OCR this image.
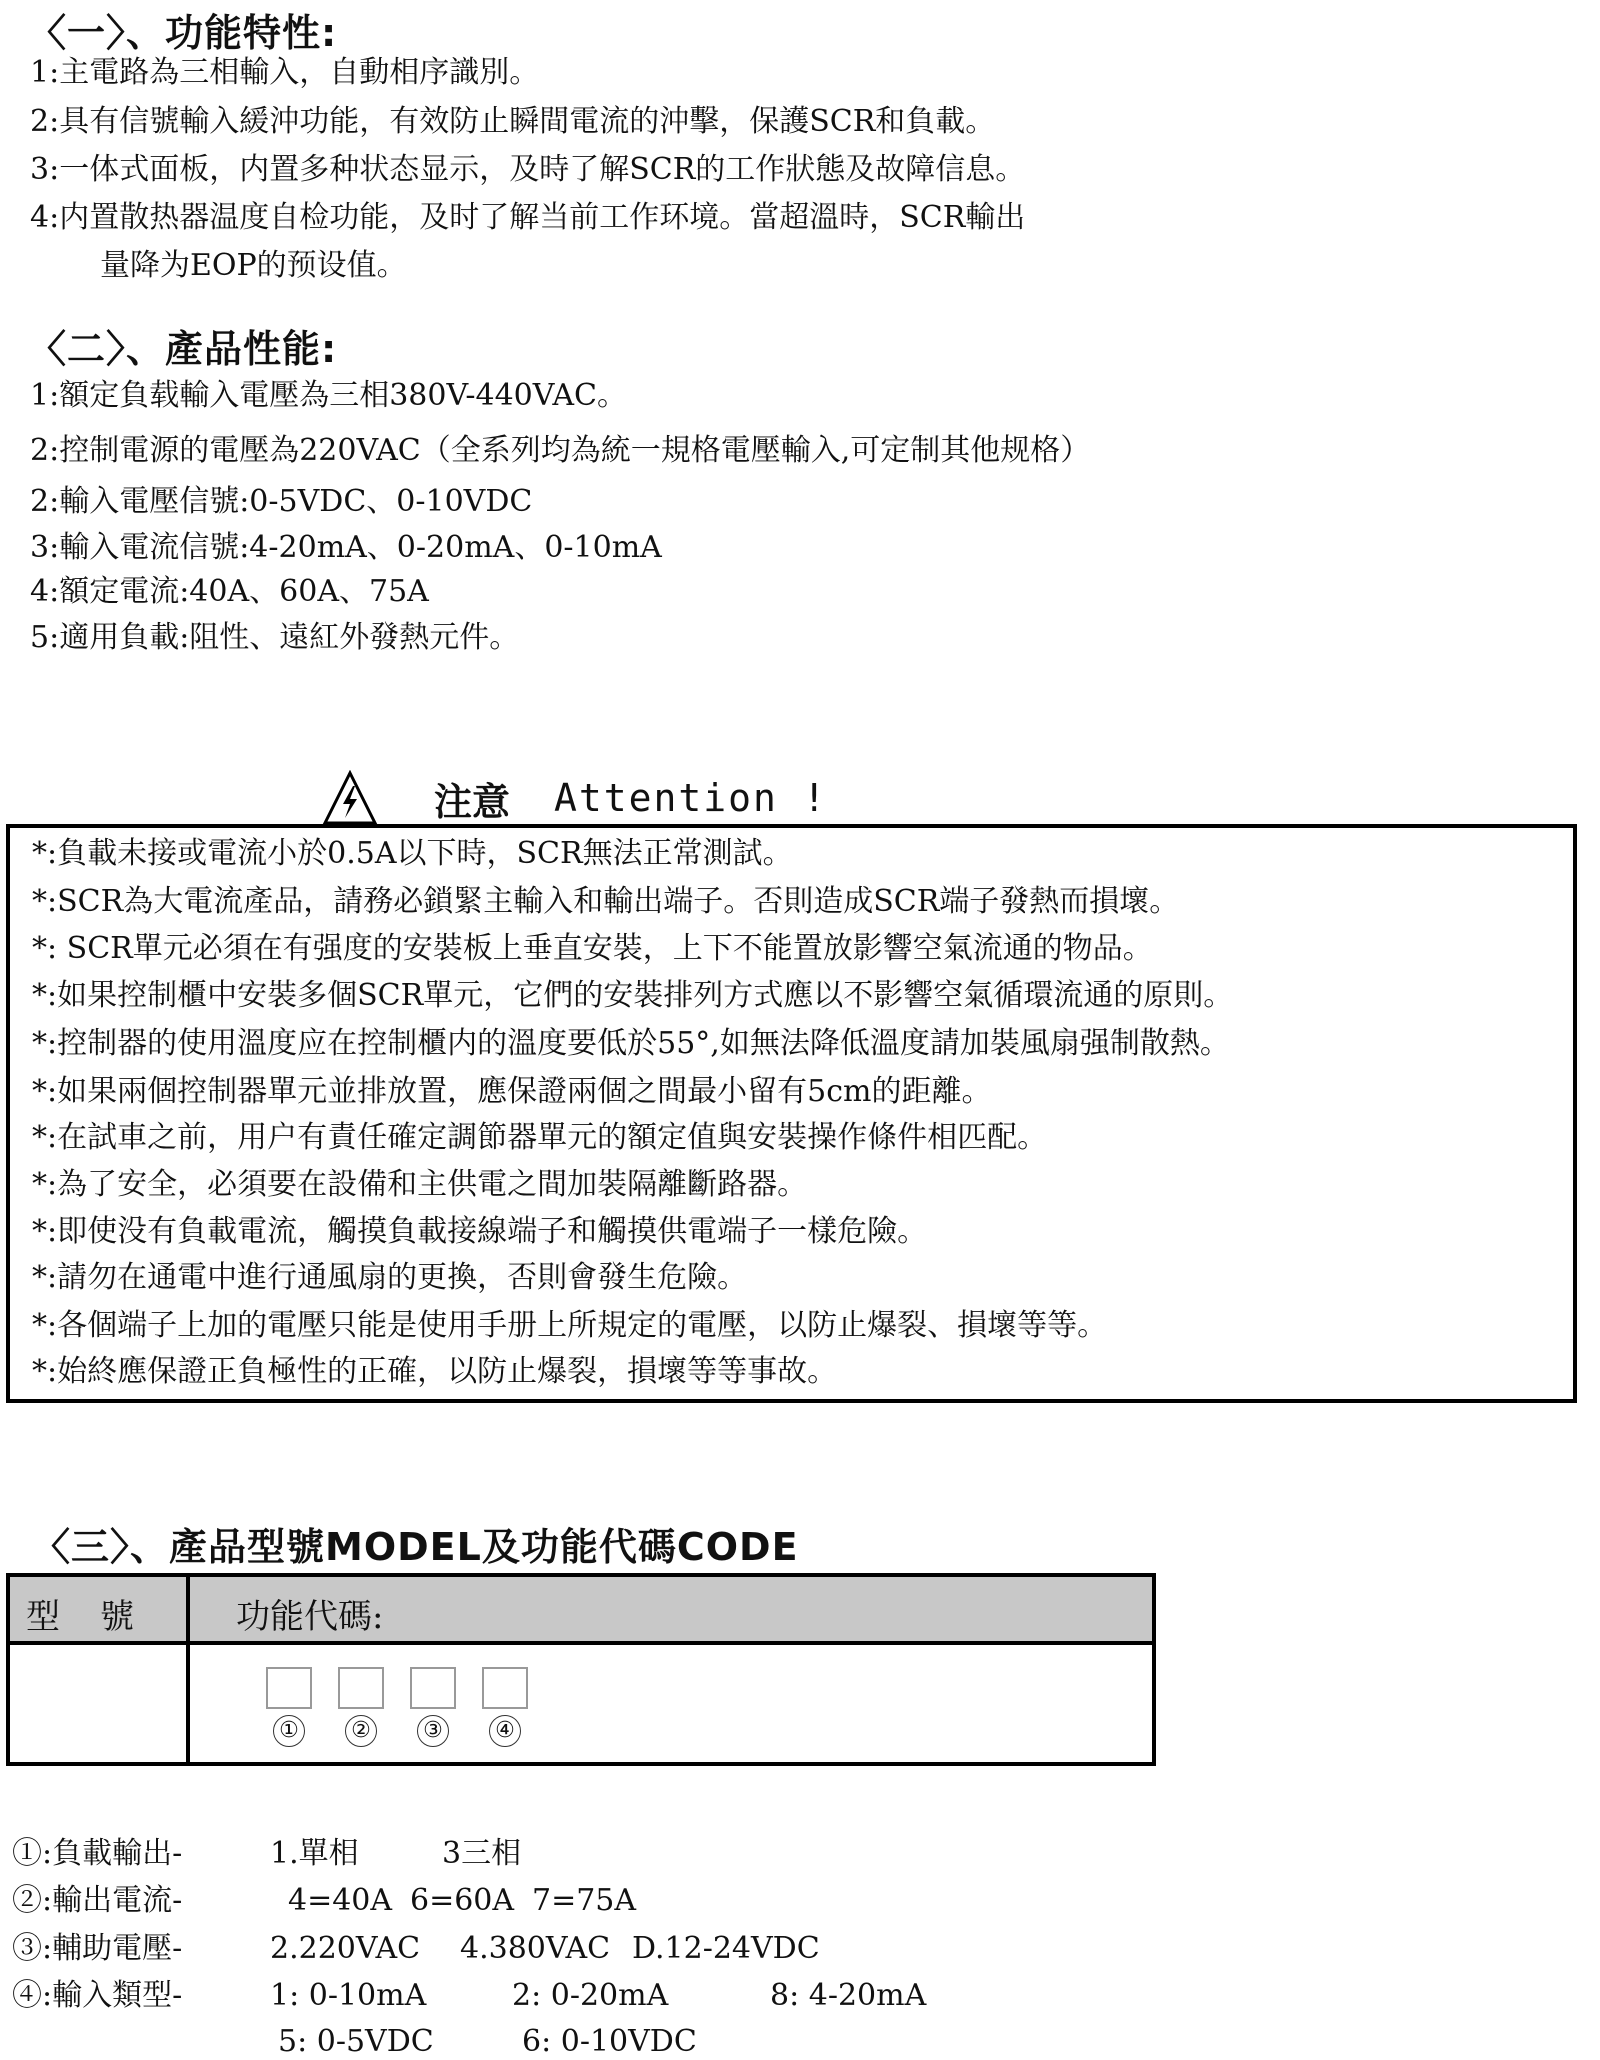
〈一〉、功能特性:
1:主電路為三相輸入，自動相序識別。
2:具有信號輸入緩沖功能，有效防止瞬間電流的沖擊，保護SCR和負載。
3:一体式面板，内置多种状态显示，及時了解SCR的工作狀態及故障信息。
4:内置散热器温度自检功能，及时了解当前工作环境。當超溫時，SCR輸出
量降为EOP的预设值。
〈二〉、產品性能:
1:額定負载輸入電壓為三相380V-440VAC。
2:控制電源的電壓為220VAC（全系列均為統一規格電壓輸入,可定制其他规格）
2:輸入電壓信號:0-5VDC、0-10VDC
3:輸入電流信號:4-20mA、0-20mA、0-10mA
4:額定電流:40A、60A、75A
5:適用負載:阻性、遠紅外發熱元件。
注意 Attention !
*:負載未接或電流小於0.5A以下時，SCR無法正常測試。
*:SCR為大電流產品，請務必鎖緊主輸入和輸出端子。否則造成SCR端子發熱而損壞。
*: SCR單元必須在有强度的安裝板上垂直安裝，上下不能置放影響空氣流通的物品。
*:如果控制櫃中安裝多個SCR單元，它們的安裝排列方式應以不影響空氣循環流通的原則。
*:控制器的使用溫度应在控制櫃内的溫度要低於55°,如無法降低溫度請加裝風扇强制散熱。
*:如果兩個控制器單元並排放置，應保證兩個之間最小留有5cm的距離。
*:在試車之前，用户有責任確定調節器單元的額定值與安裝操作條件相匹配。
*:為了安全，必須要在設備和主供電之間加裝隔離斷路器。
*:即使没有負載電流，觸摸負載接線端子和觸摸供電端子一樣危險。
*:請勿在通電中進行通風扇的更換，否則會發生危險。
*:各個端子上加的電壓只能是使用手册上所規定的電壓，以防止爆裂、損壞等等。
*:始終應保證正負極性的正確，以防止爆裂，損壞等等事故。
〈三〉、產品型號MODEL及功能代碼CODE
型號 功能代碼:
① ② ③ ④
①:負載輸出-	1.單相	3三相
②:輸出電流-	4=40A 6=60A 7=75A
③:輔助電壓-	2.220VAC 4.380VAC D.12-24VDC
④:輸入類型-	1: 0-10mA	2: 0-20mA	8: 4-20mA
5: 0-5VDC	6: 0-10VDC
